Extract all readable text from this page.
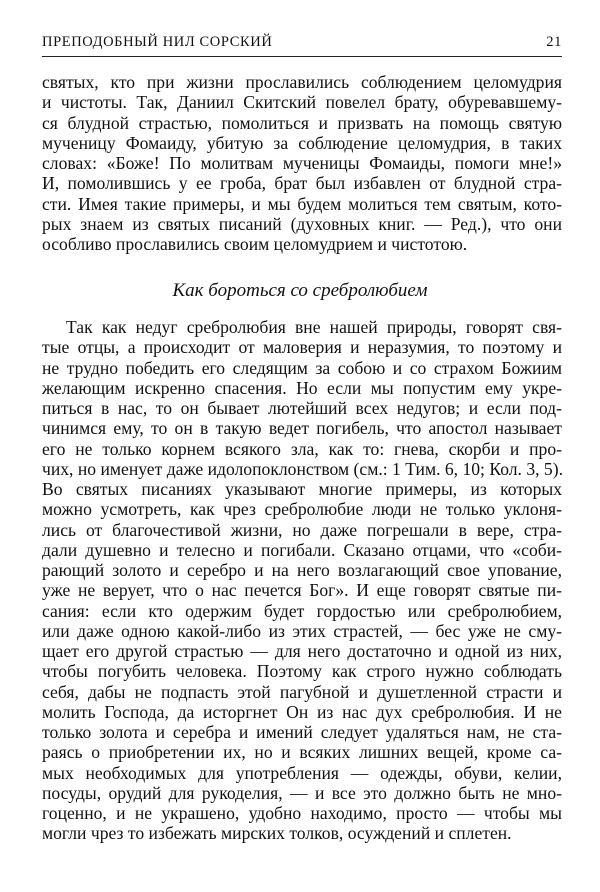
ПРЕПОДОБНЫЙ НИЛ СОРСКИЙ	21
святых, кто при жизни прославились соблюдением целомудрия
и чистоты. Так, Даниил Скитский повелел брату, обуревавшему-
ся блудной страстью, помолиться и призвать на помощь святую
мученицу Фомаиду, убитую за соблюдение целомудрия, в таких
словах: «Боже! По молитвам мученицы Фомаиды, помоги мне!»
И, помолившись у ее гроба, брат был избавлен от блудной стра-
сти. Имея такие примеры, и мы будем молиться тем святым, кото-
рых знаем из святых писаний (духовных книг. — Ред.), что они
особливо прославились своим целомудрием и чистотою.
Как бороться со сребролюбием
Так как недуг сребролюбия вне нашей природы, говорят свя-
тые отцы, а происходит от маловерия и неразумия, то поэтому и
не трудно победить его следящим за собою и со страхом Божиим
желающим искренно спасения. Но если мы попустим ему укре-
питься в нас, то он бывает лютейший всех недугов; и если под-
чинимся ему, то он в такую ведет погибель, что апостол называет
его не только корнем всякого зла, как то: гнева, скорби и про-
чих, но именует даже идолопоклонством (см.: 1 Тим. 6, 10; Кол. 3, 5).
Во святых писаниях указывают многие примеры, из которых
можно усмотреть, как чрез сребролюбие люди не только уклоня-
лись от благочестивой жизни, но даже погрешали в вере, стра-
дали душевно и телесно и погибали. Сказано отцами, что «соби-
рающий золото и серебро и на него возлагающий свое упование,
уже не верует, что о нас печется Бог». И еще говорят святые пи-
сания: если кто одержим будет гордостью или сребролюбием,
или даже одною какой-либо из этих страстей, — бес уже не сму-
щает его другой страстью — для него достаточно и одной из них,
чтобы погубить человека. Поэтому как строго нужно соблюдать
себя, дабы не подпасть этой пагубной и душетленной страсти и
молить Господа, да исторгнет Он из нас дух сребролюбия. И не
только золота и серебра и имений следует удаляться нам, не ста-
раясь о приобретении их, но и всяких лишних вещей, кроме са-
мых необходимых для употребления — одежды, обуви, келии,
посуды, орудий для рукоделия, — и все это должно быть не мно-
гоценно, и не украшено, удобно находимо, просто — чтобы мы
могли чрез то избежать мирских толков, осуждений и сплетен.
